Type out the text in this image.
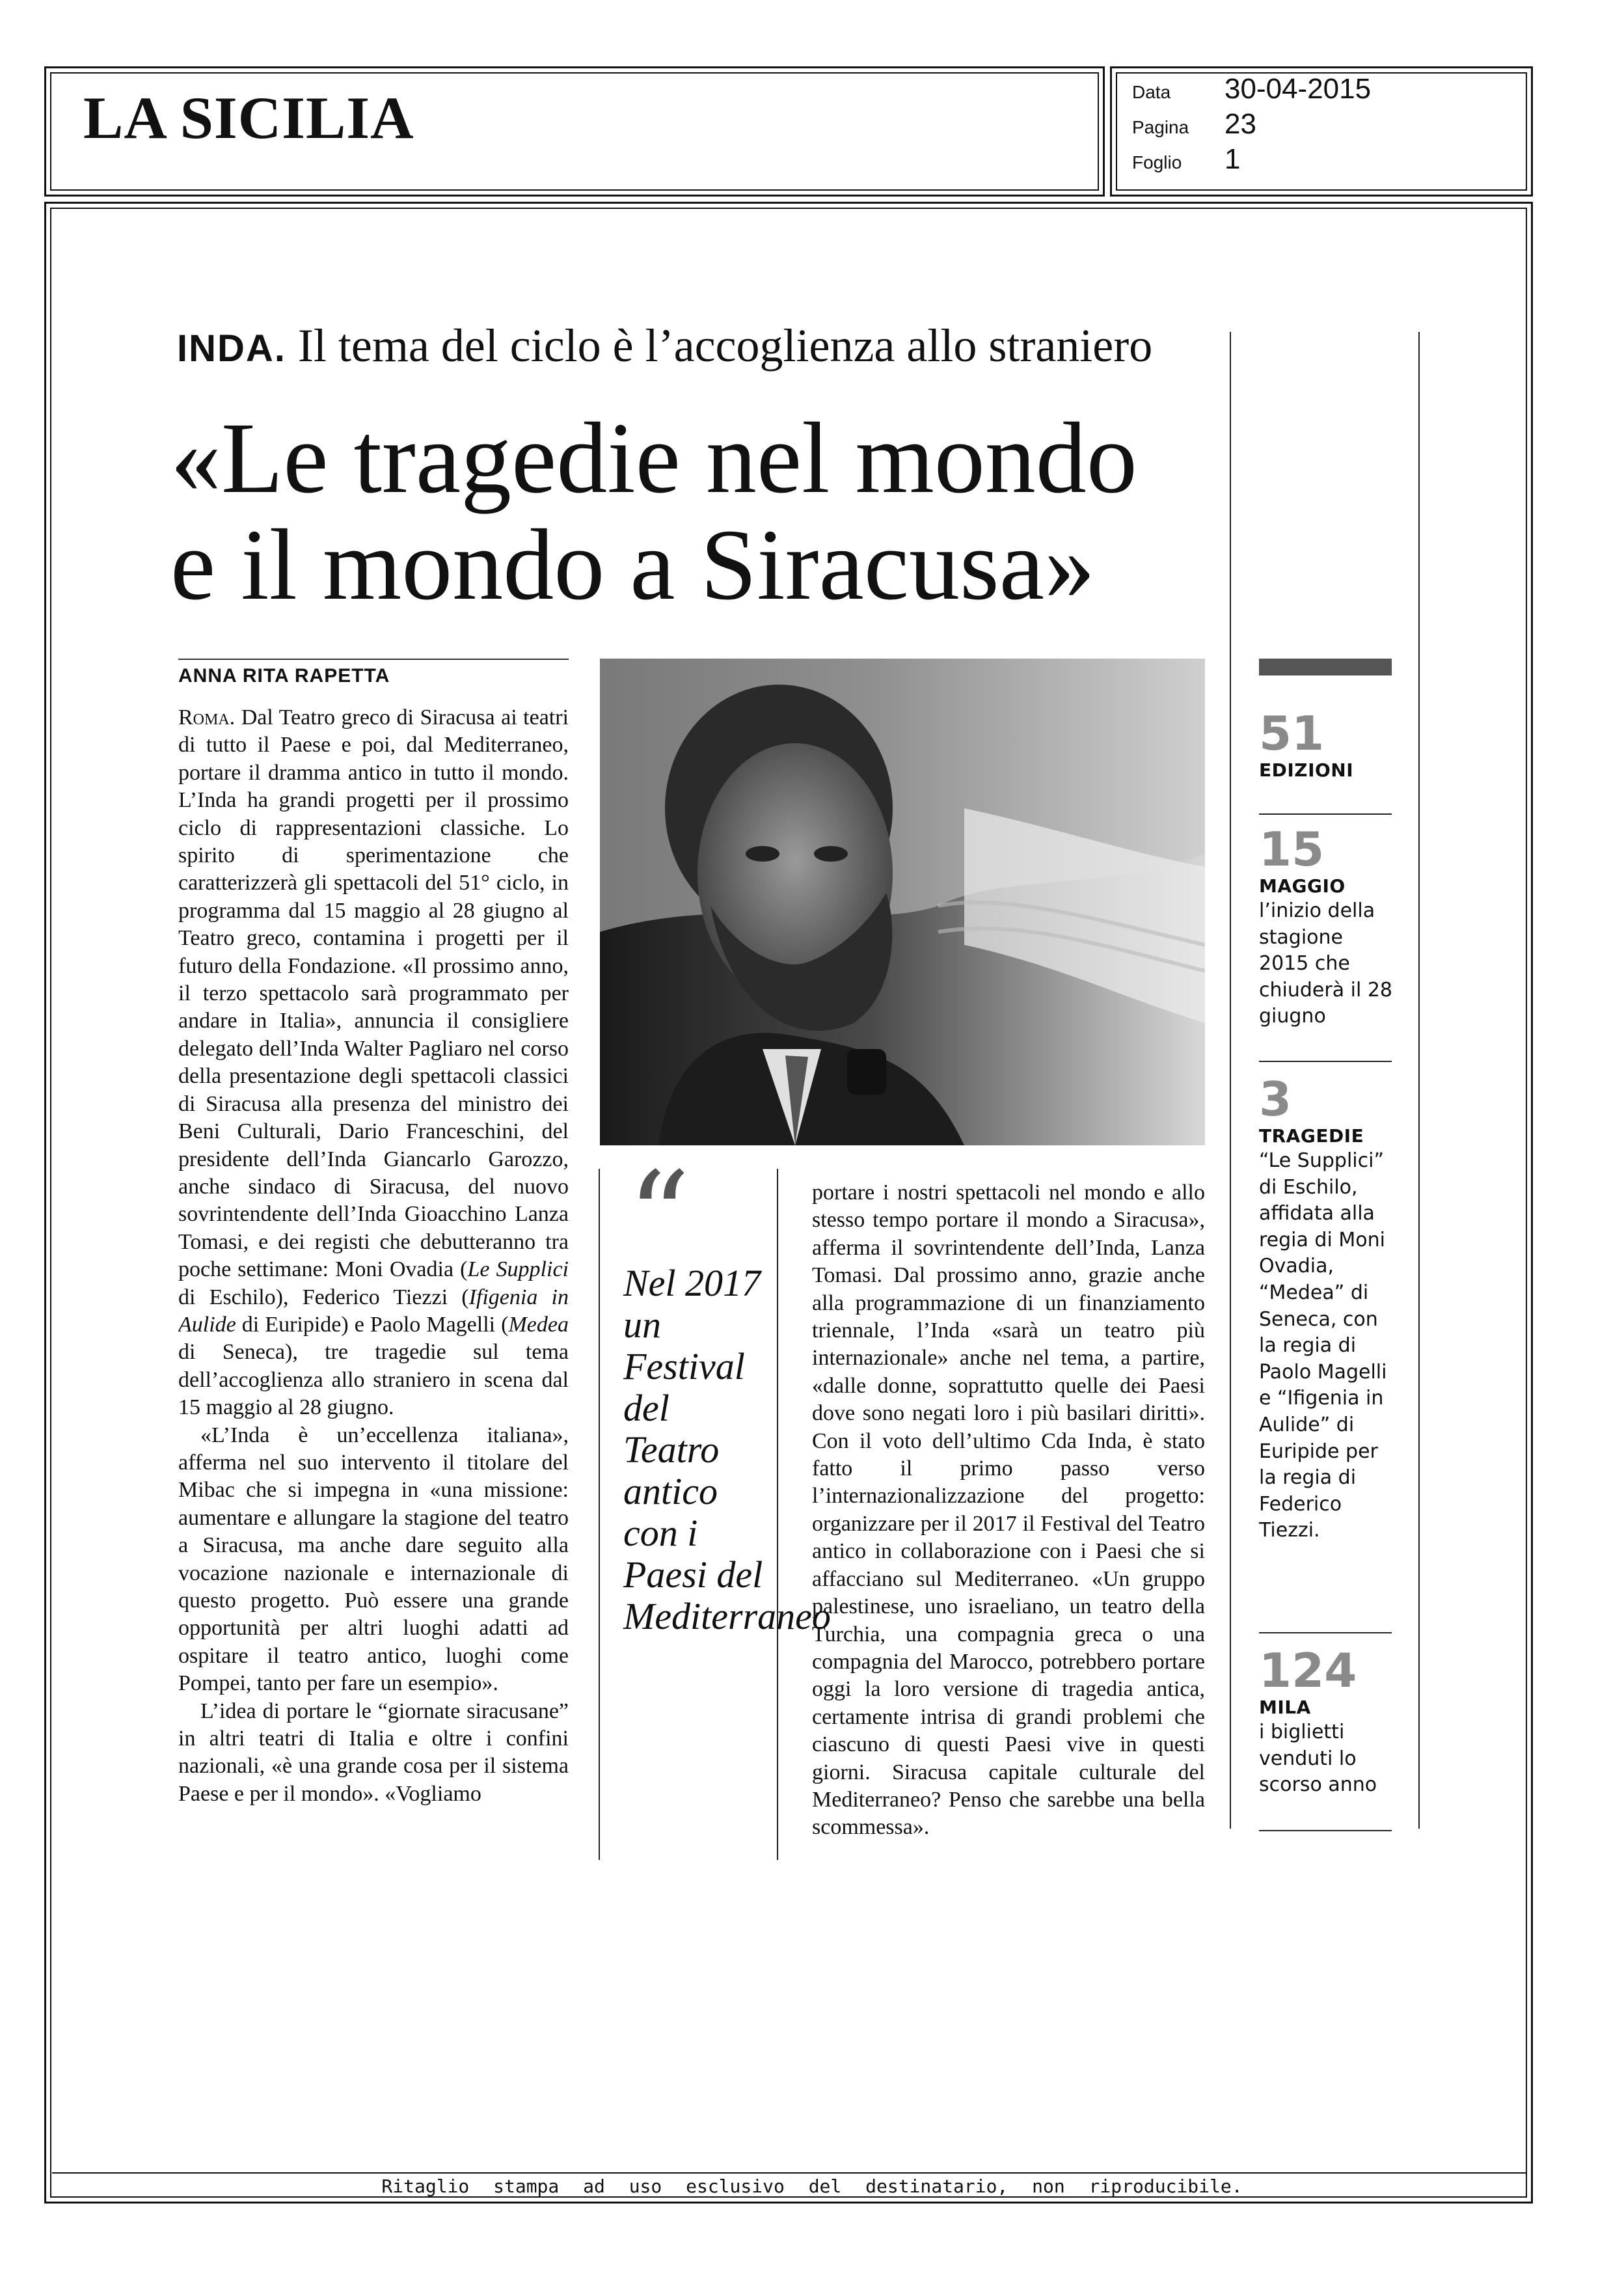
LA SICILIA	Data	30-04-2015
Pagina	23
Foglio	1
INDA. Il tema del ciclo è l’accoglienza allo straniero
«Le tragedie nel mondo
e il mondo a Siracusa»
ANNA RITA RAPETTA

Roma. Dal Teatro greco di Siracusa ai teatri di tutto il Paese e poi, dal Mediterraneo, portare il dramma antico in tutto il mondo. L’Inda ha grandi progetti per il prossimo ciclo di rappresentazioni classiche. Lo spirito di sperimentazione che caratterizzerà gli spettacoli del 51° ciclo, in programma dal 15 maggio al 28 giugno al Teatro greco, contamina i progetti per il futuro della Fondazione. «Il prossimo anno, il terzo spettacolo sarà programmato per andare in Italia», annuncia il consigliere delegato dell’Inda Walter Pagliaro nel corso della presentazione degli spettacoli classici di Siracusa alla presenza del ministro dei Beni Culturali, Dario Franceschini, del presidente dell’Inda Giancarlo Garozzo, anche sindaco di Siracusa, del nuovo sovrintendente dell’Inda Gioacchino Lanza Tomasi, e dei registi che debutteranno tra poche settimane: Moni Ovadia (Le Supplici di Eschilo), Federico Tiezzi (Ifigenia in Aulide di Euripide) e Paolo Magelli (Medea di Seneca), tre tragedie sul tema dell’accoglienza allo straniero in scena dal 15 maggio al 28 giugno.

«L’Inda è un’eccellenza italiana», afferma nel suo intervento il titolare del Mibac che si impegna in «una missione: aumentare e allungare la stagione del teatro a Siracusa, ma anche dare seguito alla vocazione nazionale e internazionale di questo progetto. Può essere una grande opportunità per altri luoghi adatti ad ospitare il teatro antico, luoghi come Pompei, tanto per fare un esempio».

L’idea di portare le “giornate siracusane” in altri teatri di Italia e oltre i confini nazionali, «è una grande cosa per il sistema Paese e per il mondo». «Vogliamo

“
Nel 2017 un Festival del Teatro antico con i Paesi del Mediterraneo

portare i nostri spettacoli nel mondo e allo stesso tempo portare il mondo a Siracusa», afferma il sovrintendente dell’Inda, Lanza Tomasi. Dal prossimo anno, grazie anche alla programmazione di un finanziamento triennale, l’Inda «sarà un teatro più internazionale» anche nel tema, a partire, «dalle donne, soprattutto quelle dei Paesi dove sono negati loro i più basilari diritti». Con il voto dell’ultimo Cda Inda, è stato fatto il primo passo verso l’internazionalizzazione del progetto: organizzare per il 2017 il Festival del Teatro antico in collaborazione con i Paesi che si affacciano sul Mediterraneo. «Un gruppo palestinese, uno israeliano, un teatro della Turchia, una compagnia greca o una compagnia del Marocco, potrebbero portare oggi la loro versione di tragedia antica, certamente intrisa di grandi problemi che ciascuno di questi Paesi vive in questi giorni. Siracusa capitale culturale del Mediterraneo? Penso che sarebbe una bella scommessa».

51
EDIZIONI
15
MAGGIO
l’inizio della stagione 2015 che chiuderà il 28 giugno
3
TRAGEDIE
“Le Supplici” di Eschilo, affidata alla regia di Moni Ovadia, “Medea” di Seneca, con la regia di Paolo Magelli e “Ifigenia in Aulide” di Euripide per la regia di Federico Tiezzi.
124
MILA
i biglietti venduti lo scorso anno
Ritaglio stampa ad uso esclusivo del destinatario, non riproducibile.
